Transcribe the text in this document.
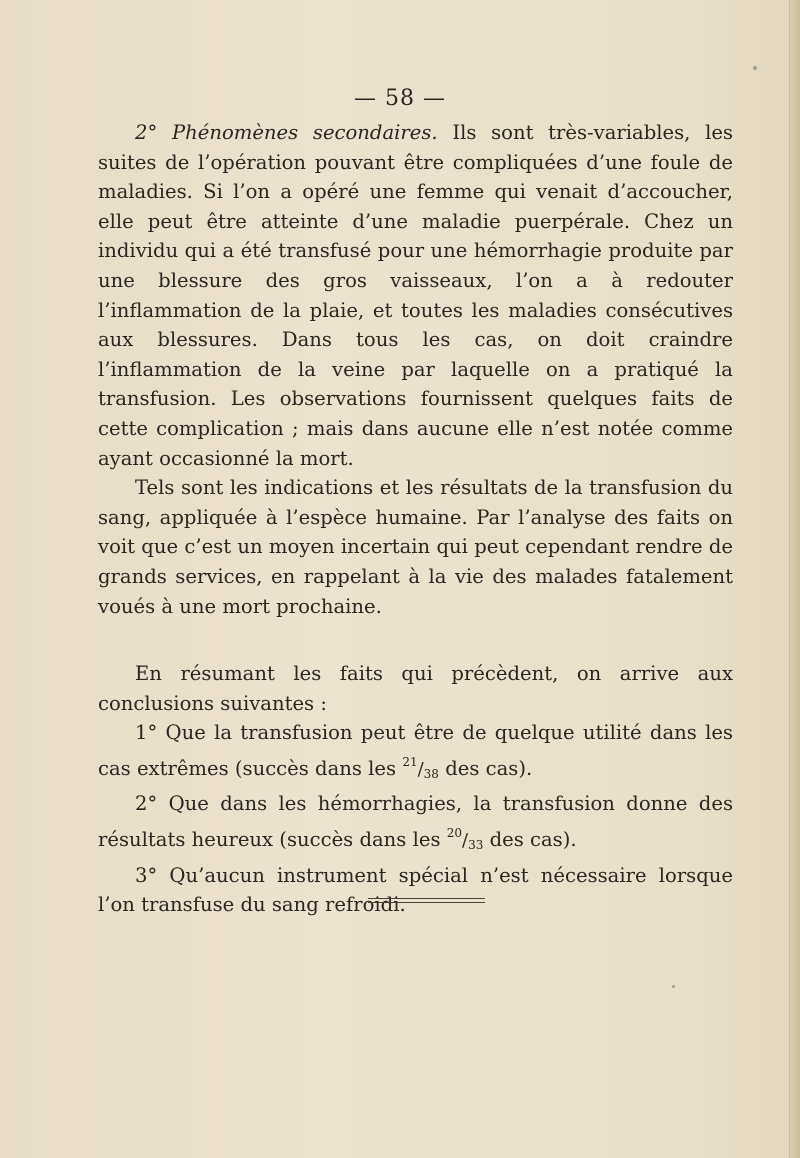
— 58 —

2° Phénomènes secondaires. Ils sont très-variables, les suites de l’opération pouvant être compliquées d’une foule de maladies. Si l’on a opéré une femme qui venait d’accoucher, elle peut être atteinte d’une maladie puerpérale. Chez un individu qui a été transfusé pour une hémorrhagie produite par une blessure des gros vaisseaux, l’on a à redouter l’inflammation de la plaie, et toutes les maladies consécutives aux blessures. Dans tous les cas, on doit craindre l’inflammation de la veine par laquelle on a pratiqué la transfusion. Les observations fournissent quelques faits de cette complication ; mais dans aucune elle n’est notée comme ayant occasionné la mort.

Tels sont les indications et les résultats de la transfusion du sang, appliquée à l’espèce humaine. Par l’analyse des faits on voit que c’est un moyen incertain qui peut cependant rendre de grands services, en rappelant à la vie des malades fatalement voués à une mort prochaine.

En résumant les faits qui précèdent, on arrive aux conclusions suivantes :

1° Que la transfusion peut être de quelque utilité dans les cas extrêmes (succès dans les $^{21}$/38 des cas).

2° Que dans les hémorrhagies, la transfusion donne des résultats heureux (succès dans les $^{20}$/33 des cas).

3° Qu’aucun instrument spécial n’est nécessaire lorsque l’on transfuse du sang refroidi.
